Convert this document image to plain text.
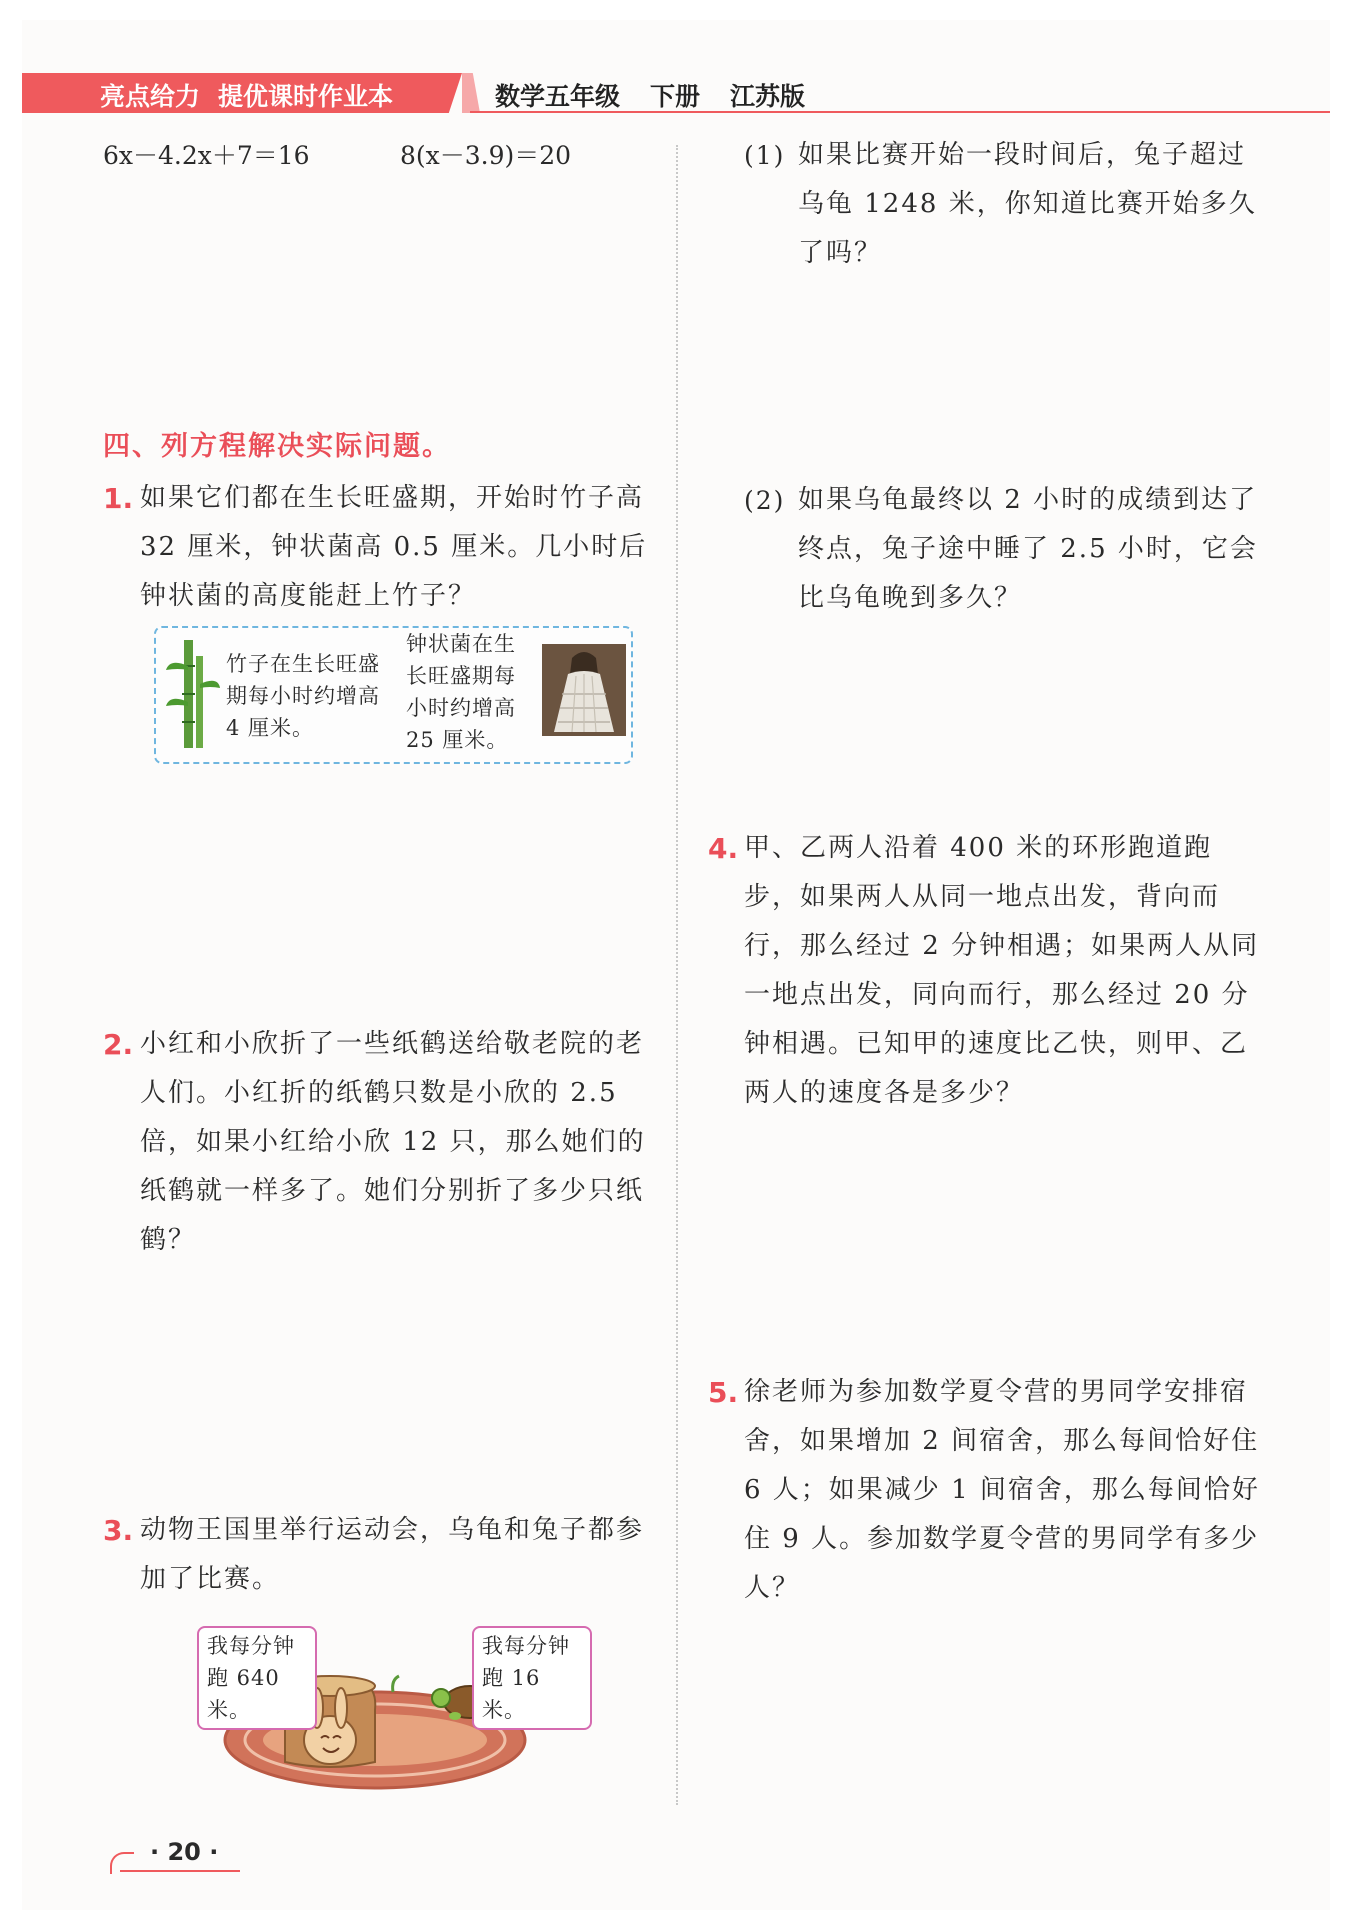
亮点给力 提优课时作业本	数学五年级 下册 江苏版
6x－4.2x＋7＝16	8(x－3.9)＝20
四、列方程解决实际问题。
1. 如果它们都在生长旺盛期，开始时竹子高 32 厘米，钟状菌高 0.5 厘米。几小时后钟状菌的高度能赶上竹子？
竹子在生长旺盛期每小时约增高 4 厘米。
钟状菌在生长旺盛期每小时约增高 25 厘米。
2. 小红和小欣折了一些纸鹤送给敬老院的老人们。小红折的纸鹤只数是小欣的 2.5 倍，如果小红给小欣 12 只，那么她们的纸鹤就一样多了。她们分别折了多少只纸鹤？
3. 动物王国里举行运动会，乌龟和兔子都参加了比赛。
我每分钟跑 640 米。
我每分钟跑 16 米。
(1) 如果比赛开始一段时间后，兔子超过乌龟 1248 米，你知道比赛开始多久了吗？
(2) 如果乌龟最终以 2 小时的成绩到达了终点，兔子途中睡了 2.5 小时，它会比乌龟晚到多久？
4. 甲、乙两人沿着 400 米的环形跑道跑步，如果两人从同一地点出发，背向而行，那么经过 2 分钟相遇；如果两人从同一地点出发，同向而行，那么经过 20 分钟相遇。已知甲的速度比乙快，则甲、乙两人的速度各是多少？
5. 徐老师为参加数学夏令营的男同学安排宿舍，如果增加 2 间宿舍，那么每间恰好住 6 人；如果减少 1 间宿舍，那么每间恰好住 9 人。参加数学夏令营的男同学有多少人？
· 20 ·
